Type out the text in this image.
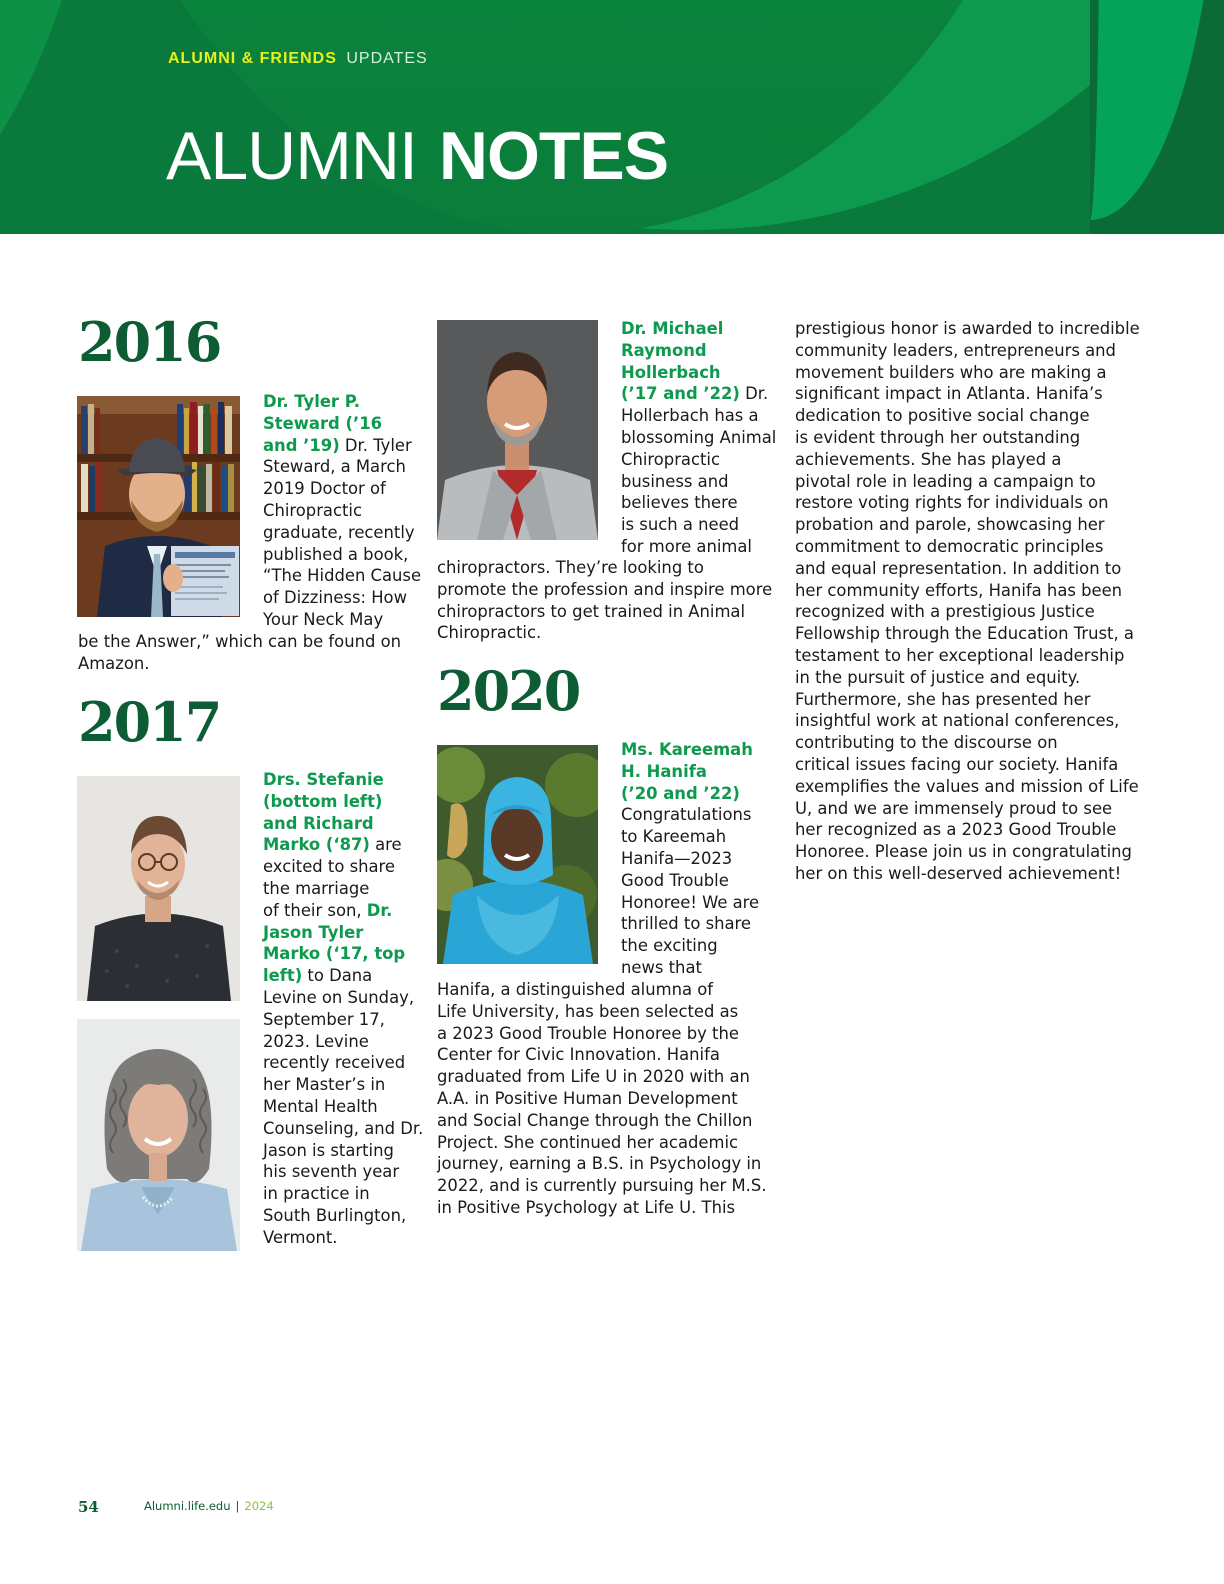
ALUMNI & FRIENDS UPDATES
ALUMNI NOTES
2016
Dr. Tyler P.
Steward (’16
and ’19) Dr. Tyler
Steward, a March
2019 Doctor of
Chiropractic
graduate, recently
published a book,
“The Hidden Cause
of Dizziness: How
Your Neck May
be the Answer,” which can be found on
Amazon.
2017
Drs. Stefanie
(bottom left)
and Richard
Marko (‘87) are
excited to share
the marriage
of their son, Dr.
Jason Tyler
Marko (‘17, top
left) to Dana
Levine on Sunday,
September 17,
2023. Levine
recently received
her Master’s in
Mental Health
Counseling, and Dr.
Jason is starting
his seventh year
in practice in
South Burlington,
Vermont.
Dr. Michael
Raymond
Hollerbach
(’17 and ’22) Dr.
Hollerbach has a
blossoming Animal
Chiropractic
business and
believes there
is such a need
for more animal
chiropractors. They’re looking to
promote the profession and inspire more
chiropractors to get trained in Animal
Chiropractic.
2020
Ms. Kareemah
H. Hanifa
(’20 and ’22)
Congratulations
to Kareemah
Hanifa—2023
Good Trouble
Honoree! We are
thrilled to share
the exciting
news that
Hanifa, a distinguished alumna of
Life University, has been selected as
a 2023 Good Trouble Honoree by the
Center for Civic Innovation. Hanifa
graduated from Life U in 2020 with an
A.A. in Positive Human Development
and Social Change through the Chillon
Project. She continued her academic
journey, earning a B.S. in Psychology in
2022, and is currently pursuing her M.S.
in Positive Psychology at Life U. This
prestigious honor is awarded to incredible
community leaders, entrepreneurs and
movement builders who are making a
significant impact in Atlanta. Hanifa’s
dedication to positive social change
is evident through her outstanding
achievements. She has played a
pivotal role in leading a campaign to
restore voting rights for individuals on
probation and parole, showcasing her
commitment to democratic principles
and equal representation. In addition to
her community efforts, Hanifa has been
recognized with a prestigious Justice
Fellowship through the Education Trust, a
testament to her exceptional leadership
in the pursuit of justice and equity.
Furthermore, she has presented her
insightful work at national conferences,
contributing to the discourse on
critical issues facing our society. Hanifa
exemplifies the values and mission of Life
U, and we are immensely proud to see
her recognized as a 2023 Good Trouble
Honoree. Please join us in congratulating
her on this well-deserved achievement!
54	Alumni.life.edu | 2024
